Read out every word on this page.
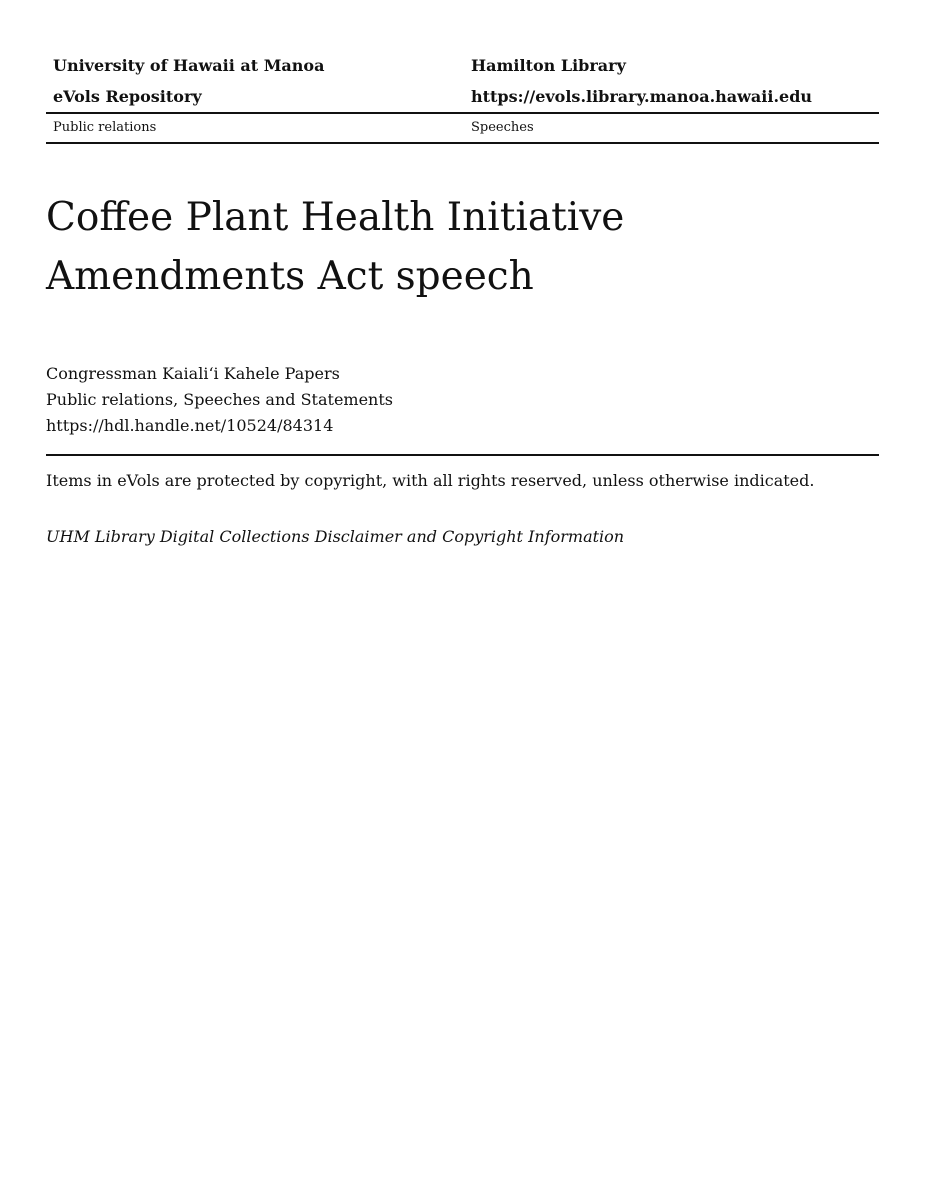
University of Hawaii at Manoa	Hamilton Library
eVols Repository	https://evols.library.manoa.hawaii.edu
Public relations	Speeches
Coffee Plant Health Initiative
Amendments Act speech
Congressman Kaiali‘i Kahele Papers
Public relations, Speeches and Statements
https://hdl.handle.net/10524/84314
Items in eVols are protected by copyright, with all rights reserved, unless otherwise indicated.
UHM Library Digital Collections Disclaimer and Copyright Information
